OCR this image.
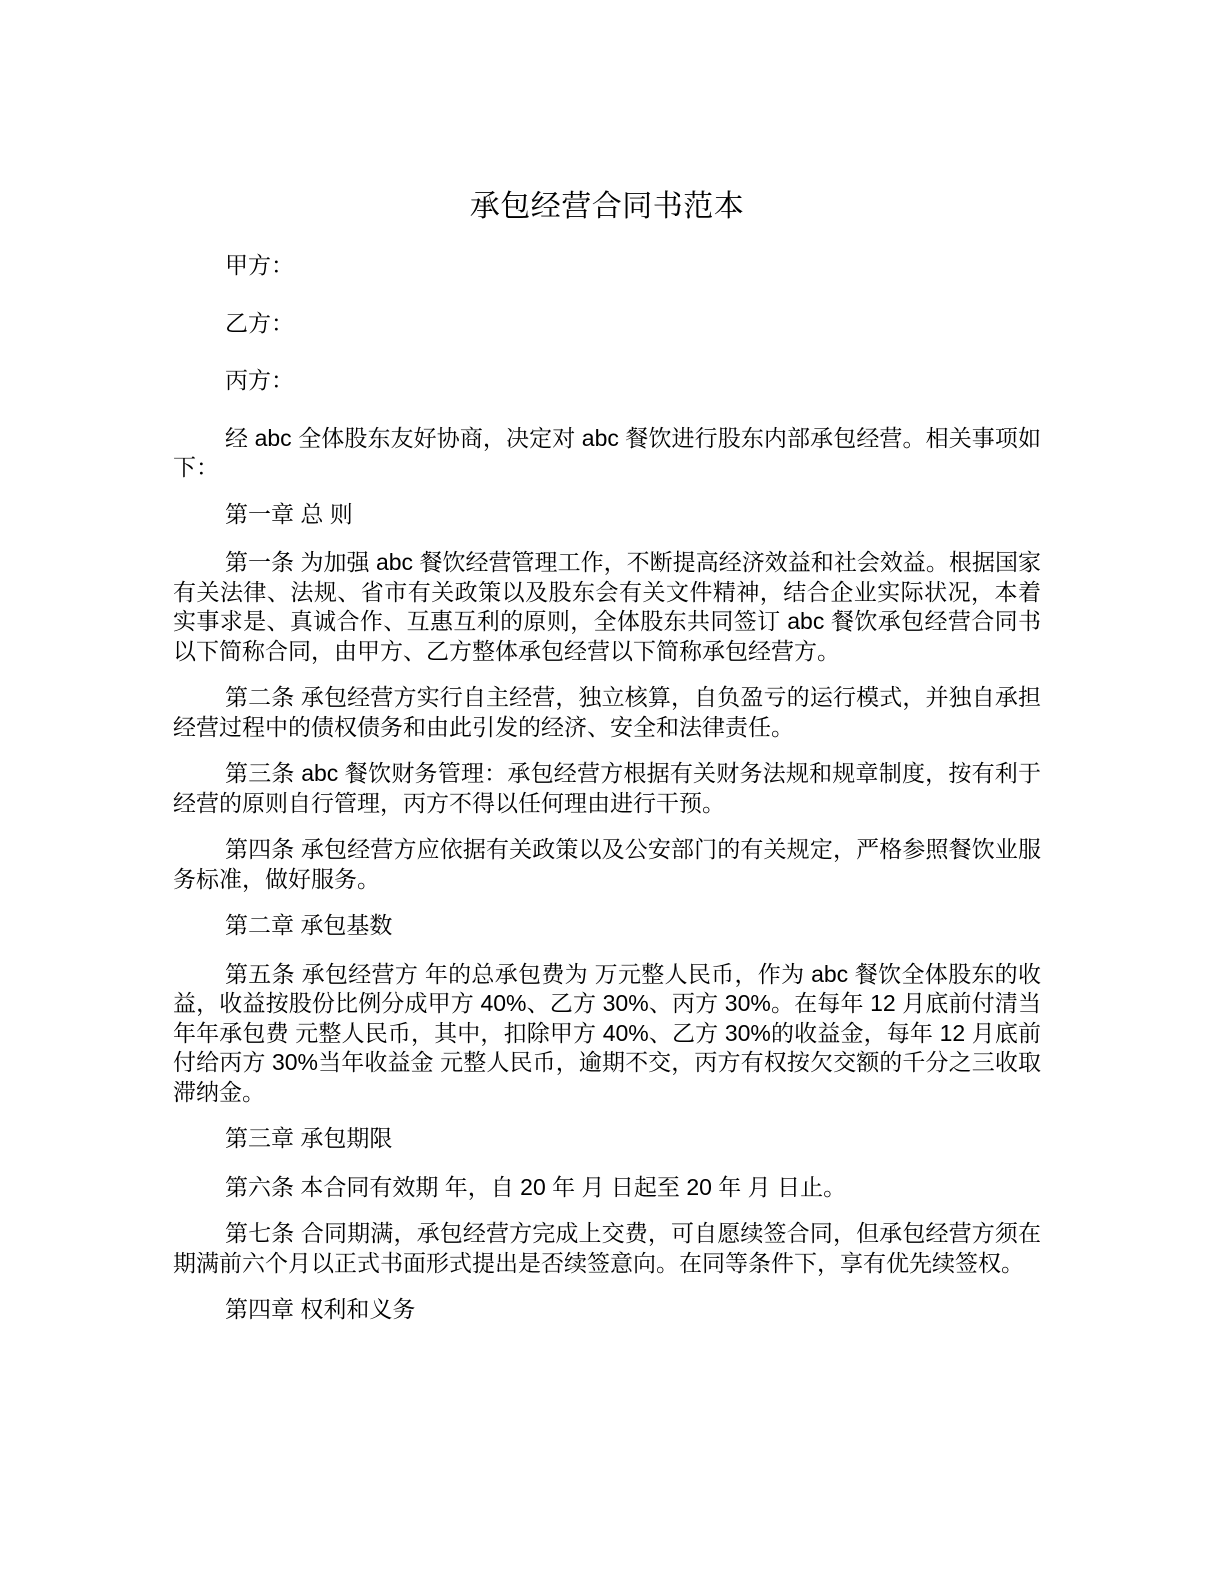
承包经营合同书范本

甲方：

乙方：

丙方：

经 abc 全体股东友好协商，决定对 abc 餐饮进行股东内部承包经营。相关事项如下：

第一章 总 则

第一条 为加强 abc 餐饮经营管理工作，不断提高经济效益和社会效益。根据国家有关法律、法规、省市有关政策以及股东会有关文件精神，结合企业实际状况，本着实事求是、真诚合作、互惠互利的原则，全体股东共同签订 abc 餐饮承包经营合同书以下简称合同，由甲方、乙方整体承包经营以下简称承包经营方。

第二条 承包经营方实行自主经营，独立核算，自负盈亏的运行模式，并独自承担经营过程中的债权债务和由此引发的经济、安全和法律责任。

第三条 abc 餐饮财务管理：承包经营方根据有关财务法规和规章制度，按有利于经营的原则自行管理，丙方不得以任何理由进行干预。

第四条 承包经营方应依据有关政策以及公安部门的有关规定，严格参照餐饮业服务标准，做好服务。

第二章 承包基数

第五条 承包经营方 年的总承包费为 万元整人民币，作为 abc 餐饮全体股东的收益，收益按股份比例分成甲方 40%、乙方 30%、丙方 30%。在每年 12 月底前付清当年年承包费 元整人民币，其中，扣除甲方 40%、乙方 30%的收益金，每年 12 月底前付给丙方 30%当年收益金 元整人民币，逾期不交，丙方有权按欠交额的千分之三收取滞纳金。

第三章 承包期限

第六条 本合同有效期 年，自 20 年 月 日起至 20 年 月 日止。

第七条 合同期满，承包经营方完成上交费，可自愿续签合同，但承包经营方须在期满前六个月以正式书面形式提出是否续签意向。在同等条件下，享有优先续签权。

第四章 权利和义务
